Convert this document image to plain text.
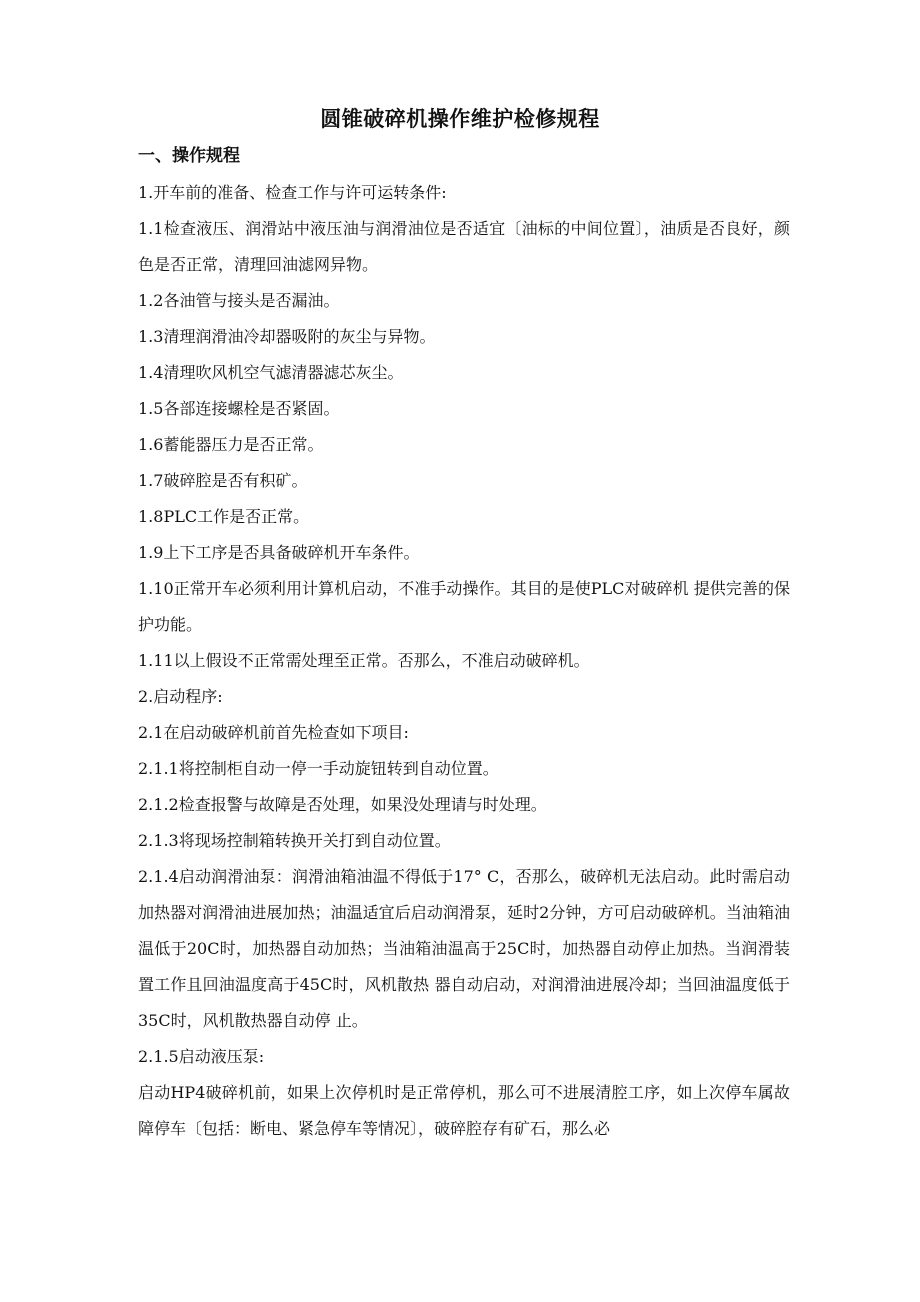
圆锥破碎机操作维护检修规程
一、操作规程

1.开车前的准备、检查工作与许可运转条件:

1.1检查液压、润滑站中液压油与润滑油位是否适宜〔油标的中间位置〕，油质是否良好，颜色是否正常，清理回油滤网异物。

1.2各油管与接头是否漏油。

1.3清理润滑油冷却器吸附的灰尘与异物。

1.4清理吹风机空气滤清器滤芯灰尘。

1.5各部连接螺栓是否紧固。

1.6蓄能器压力是否正常。

1.7破碎腔是否有积矿。

1.8PLC工作是否正常。

1.9上下工序是否具备破碎机开车条件。

1.10正常开车必须利用计算机启动，不准手动操作。其目的是使PLC对破碎机 提供完善的保护功能。

1.11以上假设不正常需处理至正常。否那么，不准启动破碎机。

2.启动程序:

2.1在启动破碎机前首先检查如下项目:

2.1.1将控制柜自动一停一手动旋钮转到自动位置。

2.1.2检查报警与故障是否处理，如果没处理请与时处理。

2.1.3将现场控制箱转换开关打到自动位置。

2.1.4启动润滑油泵：润滑油箱油温不得低于17° C，否那么，破碎机无法启动。此时需启动加热器对润滑油进展加热；油温适宜后启动润滑泵，延时2分钟，方可启动破碎机。当油箱油温低于20C时，加热器自动加热；当油箱油温高于25C时，加热器自动停止加热。当润滑装置工作且回油温度高于45C时，风机散热 器自动启动，对润滑油进展冷却；当回油温度低于35C时，风机散热器自动停 止。

2.1.5启动液压泵:

启动HP4破碎机前，如果上次停机时是正常停机，那么可不进展清腔工序，如上次停车属故障停车〔包括：断电、紧急停车等情况〕，破碎腔存有矿石，那么必
